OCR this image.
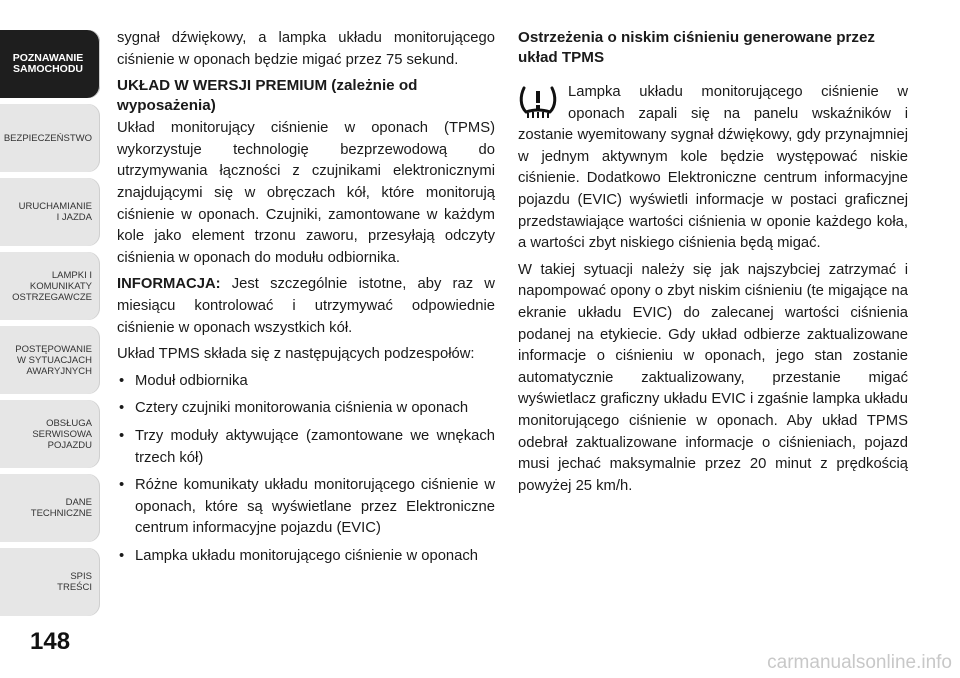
POZNAWANIE
SAMOCHODU
BEZPIECZEŃSTWO
URUCHAMIANIE
I JAZDA
LAMPKI I
KOMUNIKATY
OSTRZEGAWCZE
POSTĘPOWANIE
W SYTUACJACH
AWARYJNYCH
OBSŁUGA
SERWISOWA
POJAZDU
DANE
TECHNICZNE
SPIS
TREŚCI
148

sygnał dźwiękowy, a lampka układu monitorującego ciśnienie w oponach będzie migać przez 75 sekund.

UKŁAD W WERSJI PREMIUM (zależnie od wyposażenia)

Układ monitorujący ciśnienie w oponach (TPMS) wykorzystuje technologię bezprzewodową do utrzymywania łączności z czujnikami elektronicznymi znajdującymi się w obręczach kół, które monitorują ciśnienie w oponach. Czujniki, zamontowane w każdym kole jako element trzonu zaworu, przesyłają odczyty ciśnienia w oponach do modułu odbiornika.

INFORMACJA: Jest szczególnie istotne, aby raz w miesiącu kontrolować i utrzymywać odpowiednie ciśnienie w oponach wszystkich kół.

Układ TPMS składa się z następujących podzespołów:

• Moduł odbiornika
• Cztery czujniki monitorowania ciśnienia w oponach
• Trzy moduły aktywujące (zamontowane we wnękach trzech kół)
• Różne komunikaty układu monitorującego ciśnienie w oponach, które są wyświetlane przez Elektroniczne centrum informacyjne pojazdu (EVIC)
• Lampka układu monitorującego ciśnienie w oponach
Ostrzeżenia o niskim ciśnieniu generowane przez układ TPMS

Lampka układu monitorującego ciśnienie w oponach zapali się na panelu wskaźników i zostanie wyemitowany sygnał dźwiękowy, gdy przynajmniej w jednym aktywnym kole będzie występować niskie ciśnienie. Dodatkowo Elektroniczne centrum informacyjne pojazdu (EVIC) wyświetli informacje w postaci graficznej przedstawiające wartości ciśnienia w oponie każdego koła, a wartości zbyt niskiego ciśnienia będą migać.

W takiej sytuacji należy się jak najszybciej zatrzymać i napompować opony o zbyt niskim ciśnieniu (te migające na ekranie układu EVIC) do zalecanej wartości ciśnienia podanej na etykiecie. Gdy układ odbierze zaktualizowane informacje o ciśnieniu w oponach, jego stan zostanie automatycznie zaktualizowany, przestanie migać wyświetlacz graficzny układu EVIC i zgaśnie lampka układu monitorującego ciśnienie w oponach. Aby układ TPMS odebrał zaktualizowane informacje o ciśnieniach, pojazd musi jechać maksymalnie przez 20 minut z prędkością powyżej 25 km/h.

carmanualsonline.info
